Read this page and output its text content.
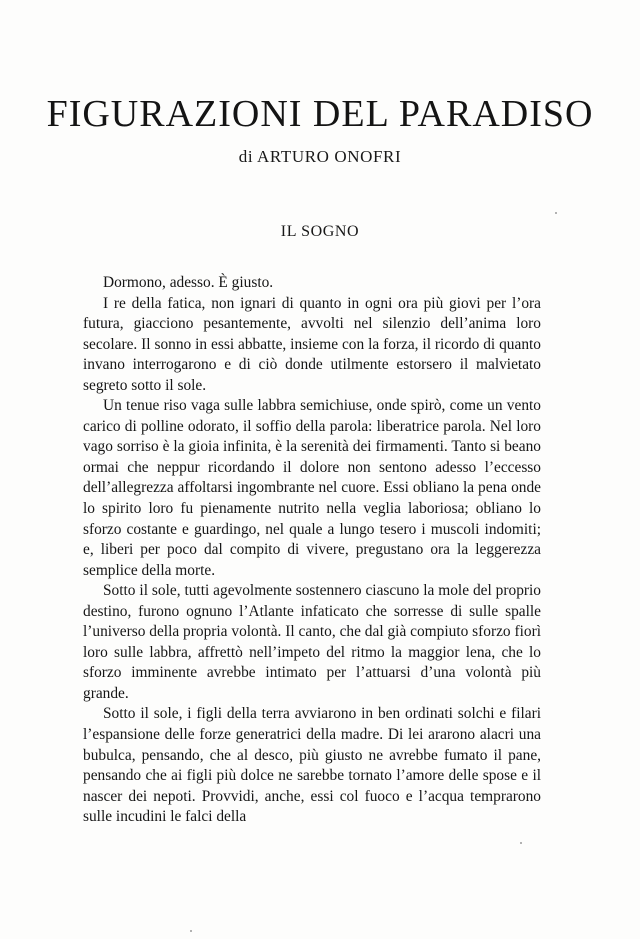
FIGURAZIONI DEL PARADISO
di ARTURO ONOFRI
IL SOGNO

Dormono, adesso. È giusto.

I re della fatica, non ignari di quanto in ogni ora più giovi per l’ora futura, giacciono pesantemente, avvolti nel silenzio dell’anima loro secolare. Il sonno in essi abbatte, insieme con la forza, il ricordo di quanto invano interrogarono e di ciò donde utilmente estorsero il malvietato segreto sotto il sole.

Un tenue riso vaga sulle labbra semichiuse, onde spirò, come un vento carico di polline odorato, il soffio della parola: liberatrice parola. Nel loro vago sorriso è la gioia infinita, è la serenità dei firmamenti. Tanto si beano ormai che neppur ricordando il dolore non sentono adesso l’eccesso dell’allegrezza affoltarsi ingombrante nel cuore. Essi obliano la pena onde lo spirito loro fu pienamente nutrito nella veglia laboriosa; obliano lo sforzo costante e guardingo, nel quale a lungo tesero i muscoli indomiti; e, liberi per poco dal compito di vivere, pregustano ora la leggerezza semplice della morte.

Sotto il sole, tutti agevolmente sostennero ciascuno la mole del proprio destino, furono ognuno l’Atlante infaticato che sorresse di sulle spalle l’universo della propria volontà. Il canto, che dal già compiuto sforzo fiorì loro sulle labbra, affrettò nell’impeto del ritmo la maggior lena, che lo sforzo imminente avrebbe intimato per l’attuarsi d’una volontà più grande.

Sotto il sole, i figli della terra avviarono in ben ordinati solchi e filari l’espansione delle forze generatrici della madre. Di lei ararono alacri una bubulca, pensando, che al desco, più giusto ne avrebbe fumato il pane, pensando che ai figli più dolce ne sarebbe tornato l’amore delle spose e il nascer dei nepoti. Provvidi, anche, essi col fuoco e l’acqua temprarono sulle incudini le falci della
